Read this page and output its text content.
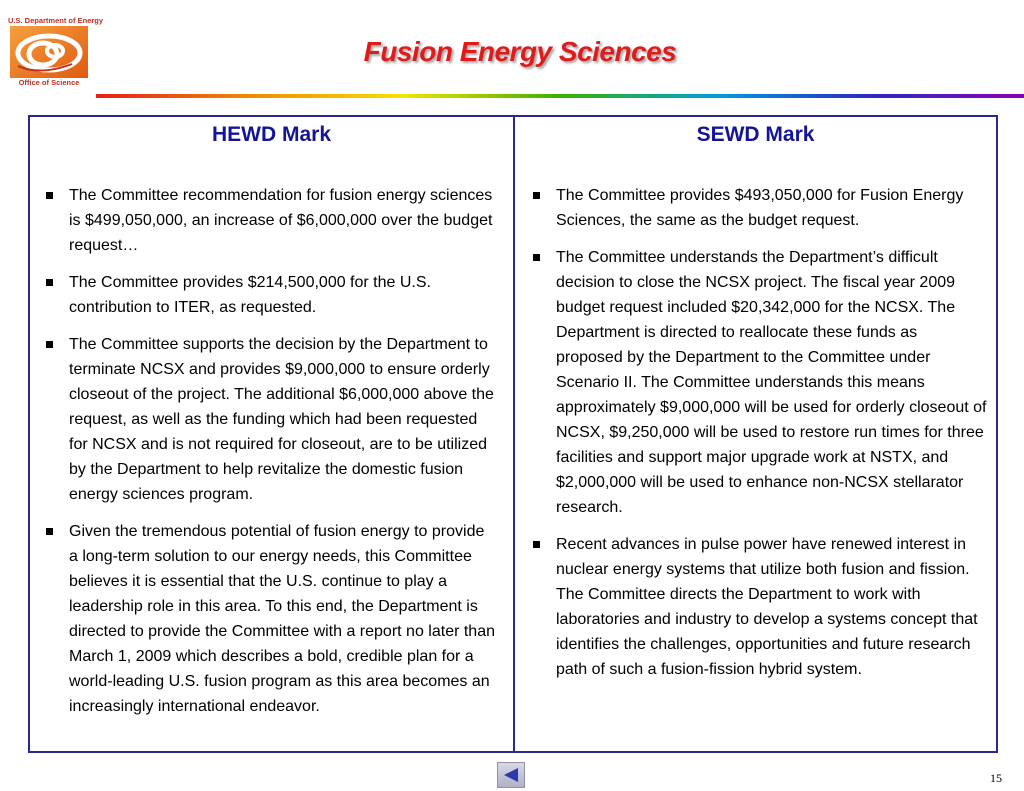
U.S. Department of Energy
Office of Science
Fusion Energy Sciences
HEWD Mark
The Committee recommendation for fusion energy sciences is $499,050,000, an increase of $6,000,000 over the budget request…
The Committee provides $214,500,000 for the U.S. contribution to ITER, as requested.
The Committee supports the decision by the Department to terminate NCSX and provides $9,000,000 to ensure orderly closeout of the project. The additional $6,000,000 above the request, as well as the funding which had been requested for NCSX and is not required for closeout, are to be utilized by the Department to help revitalize the domestic fusion energy sciences program.
Given the tremendous potential of fusion energy to provide a long-term solution to our energy needs, this Committee believes it is essential that the U.S. continue to play a leadership role in this area. To this end, the Department is directed to provide the Committee with a report no later than March 1, 2009 which describes a bold, credible plan for a world-leading U.S. fusion program as this area becomes an increasingly international endeavor.
SEWD Mark
The Committee provides $493,050,000 for Fusion Energy Sciences, the same as the budget request.
The Committee understands the Department’s difficult decision to close the NCSX project. The fiscal year 2009 budget request included $20,342,000 for the NCSX. The Department is directed to reallocate these funds as proposed by the Department to the Committee under Scenario II. The Committee understands this means approximately $9,000,000 will be used for orderly closeout of NCSX, $9,250,000 will be used to restore run times for three facilities and support major upgrade work at NSTX, and $2,000,000 will be used to enhance non-NCSX stellarator research.
Recent advances in pulse power have renewed interest in nuclear energy systems that utilize both fusion and fission. The Committee directs the Department to work with laboratories and industry to develop a systems concept that identifies the challenges, opportunities and future research path of such a fusion-fission hybrid system.
15
